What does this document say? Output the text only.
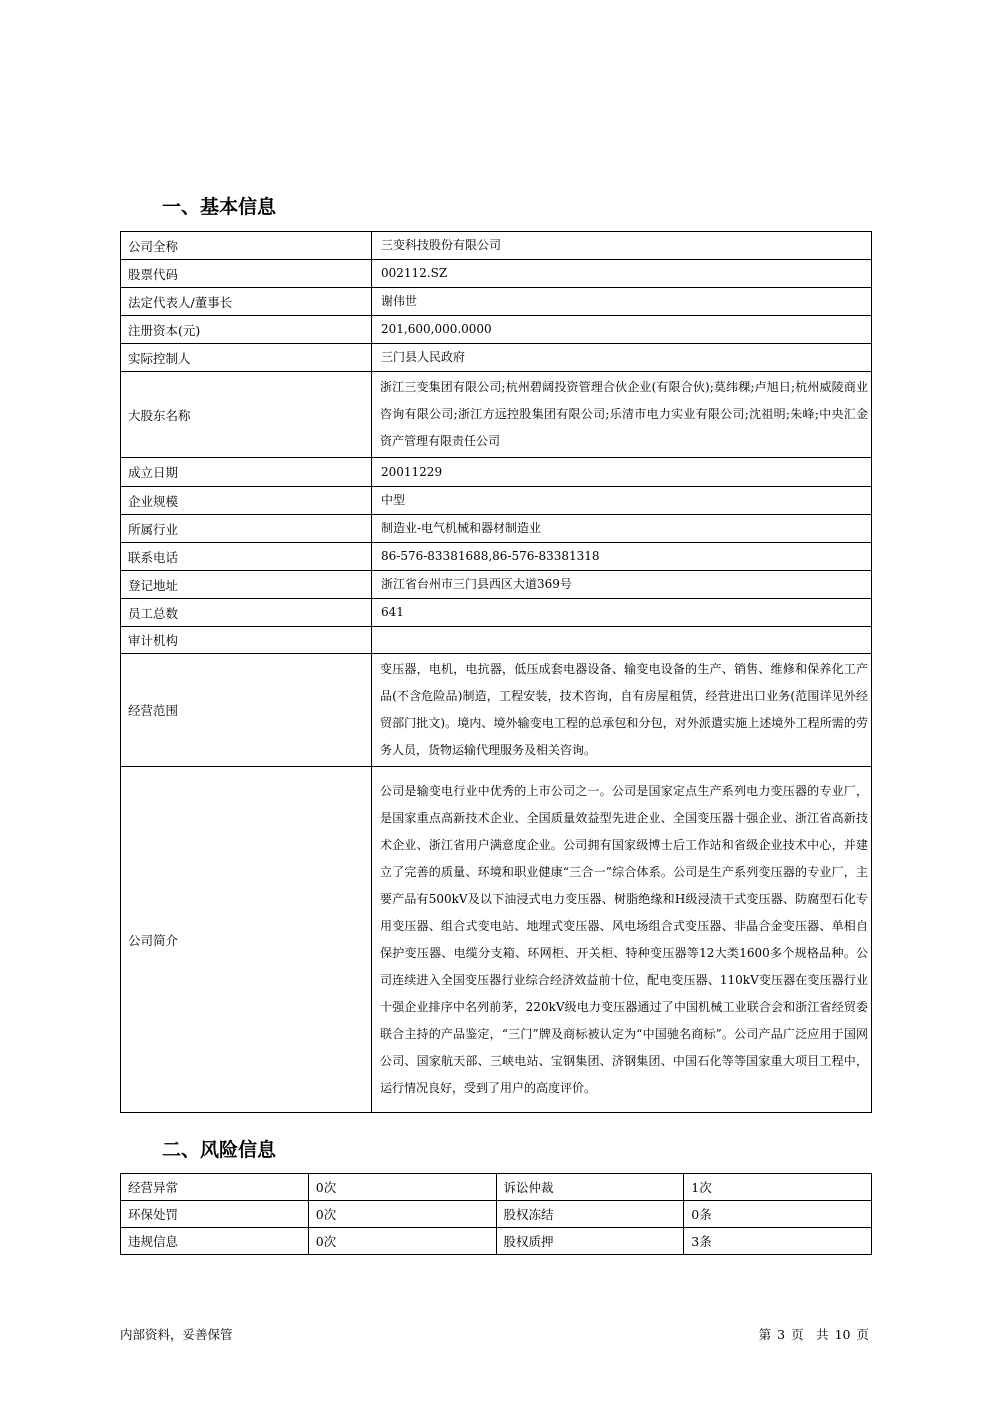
一、基本信息
公司全称	三变科技股份有限公司
股票代码	002112.SZ
法定代表人/董事长	谢伟世
注册资本(元)	201,600,000.0000
实际控制人	三门县人民政府
大股东名称	浙江三变集团有限公司;杭州碧阔投资管理合伙企业(有限合伙);莫纬稞;卢旭日;杭州威陵商业咨询有限公司;浙江方远控股集团有限公司;乐清市电力实业有限公司;沈祖明;朱峰;中央汇金资产管理有限责任公司
成立日期	20011229
企业规模	中型
所属行业	制造业-电气机械和器材制造业
联系电话	86-576-83381688,86-576-83381318
登记地址	浙江省台州市三门县西区大道369号
员工总数	641
审计机构	
经营范围	变压器，电机，电抗器，低压成套电器设备、输变电设备的生产、销售、维修和保养化工产品(不含危险品)制造，工程安装，技术咨询，自有房屋租赁，经营进出口业务(范围详见外经贸部门批文)。境内、境外输变电工程的总承包和分包，对外派遣实施上述境外工程所需的劳务人员，货物运输代理服务及相关咨询。
公司简介	公司是输变电行业中优秀的上市公司之一。公司是国家定点生产系列电力变压器的专业厂，是国家重点高新技术企业、全国质量效益型先进企业、全国变压器十强企业、浙江省高新技术企业、浙江省用户满意度企业。公司拥有国家级博士后工作站和省级企业技术中心，并建立了完善的质量、环境和职业健康“三合一”综合体系。公司是生产系列变压器的专业厂，主要产品有500kV及以下油浸式电力变压器、树脂绝缘和H级浸渍干式变压器、防腐型石化专用变压器、组合式变电站、地埋式变压器、风电场组合式变压器、非晶合金变压器、单相自保护变压器、电缆分支箱、环网柜、开关柜、特种变压器等12大类1600多个规格品种。公司连续进入全国变压器行业综合经济效益前十位，配电变压器、110kV变压器在变压器行业十强企业排序中名列前茅，220kV级电力变压器通过了中国机械工业联合会和浙江省经贸委联合主持的产品鉴定，“三门”牌及商标被认定为“中国驰名商标”。公司产品广泛应用于国网公司、国家航天部、三峡电站、宝钢集团、济钢集团、中国石化等等国家重大项目工程中，运行情况良好，受到了用户的高度评价。
二、风险信息
经营异常	0次	诉讼仲裁	1次
环保处罚	0次	股权冻结	0条
违规信息	0次	股权质押	3条
内部资料，妥善保管	第 3 页　共 10 页
